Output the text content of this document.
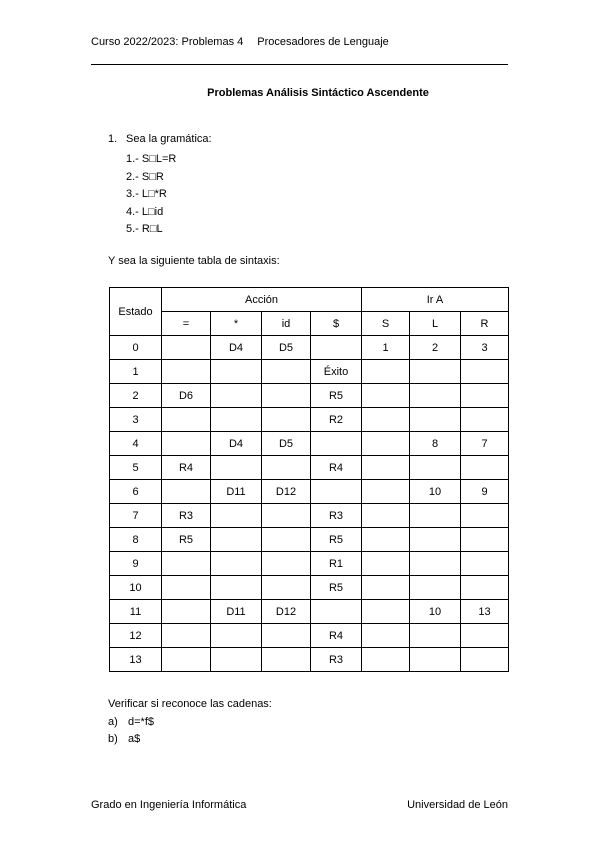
Curso 2022/2023: Problemas 4 Procesadores de Lenguaje
Problemas Análisis Sintáctico Ascendente
1. Sea la gramática:
1.- S□L=R
2.- S□R
3.- L□*R
4.- L□id
5.- R□L
Y sea la siguiente tabla de sintaxis:
Estado	Acción				Ir A		
	=	*	id	$	S	L	R
0		D4	D5		1	2	3
1				Éxito			
2	D6			R5			
3				R2			
4		D4	D5			8	7
5	R4			R4			
6		D11	D12			10	9
7	R3			R3			
8	R5			R5			
9				R1			
10				R5			
11		D11	D12			10	13
12				R4			
13				R3			
Verificar si reconoce las cadenas:
a) d=*f$
b) a$
Grado en Ingeniería Informática	Universidad de León
